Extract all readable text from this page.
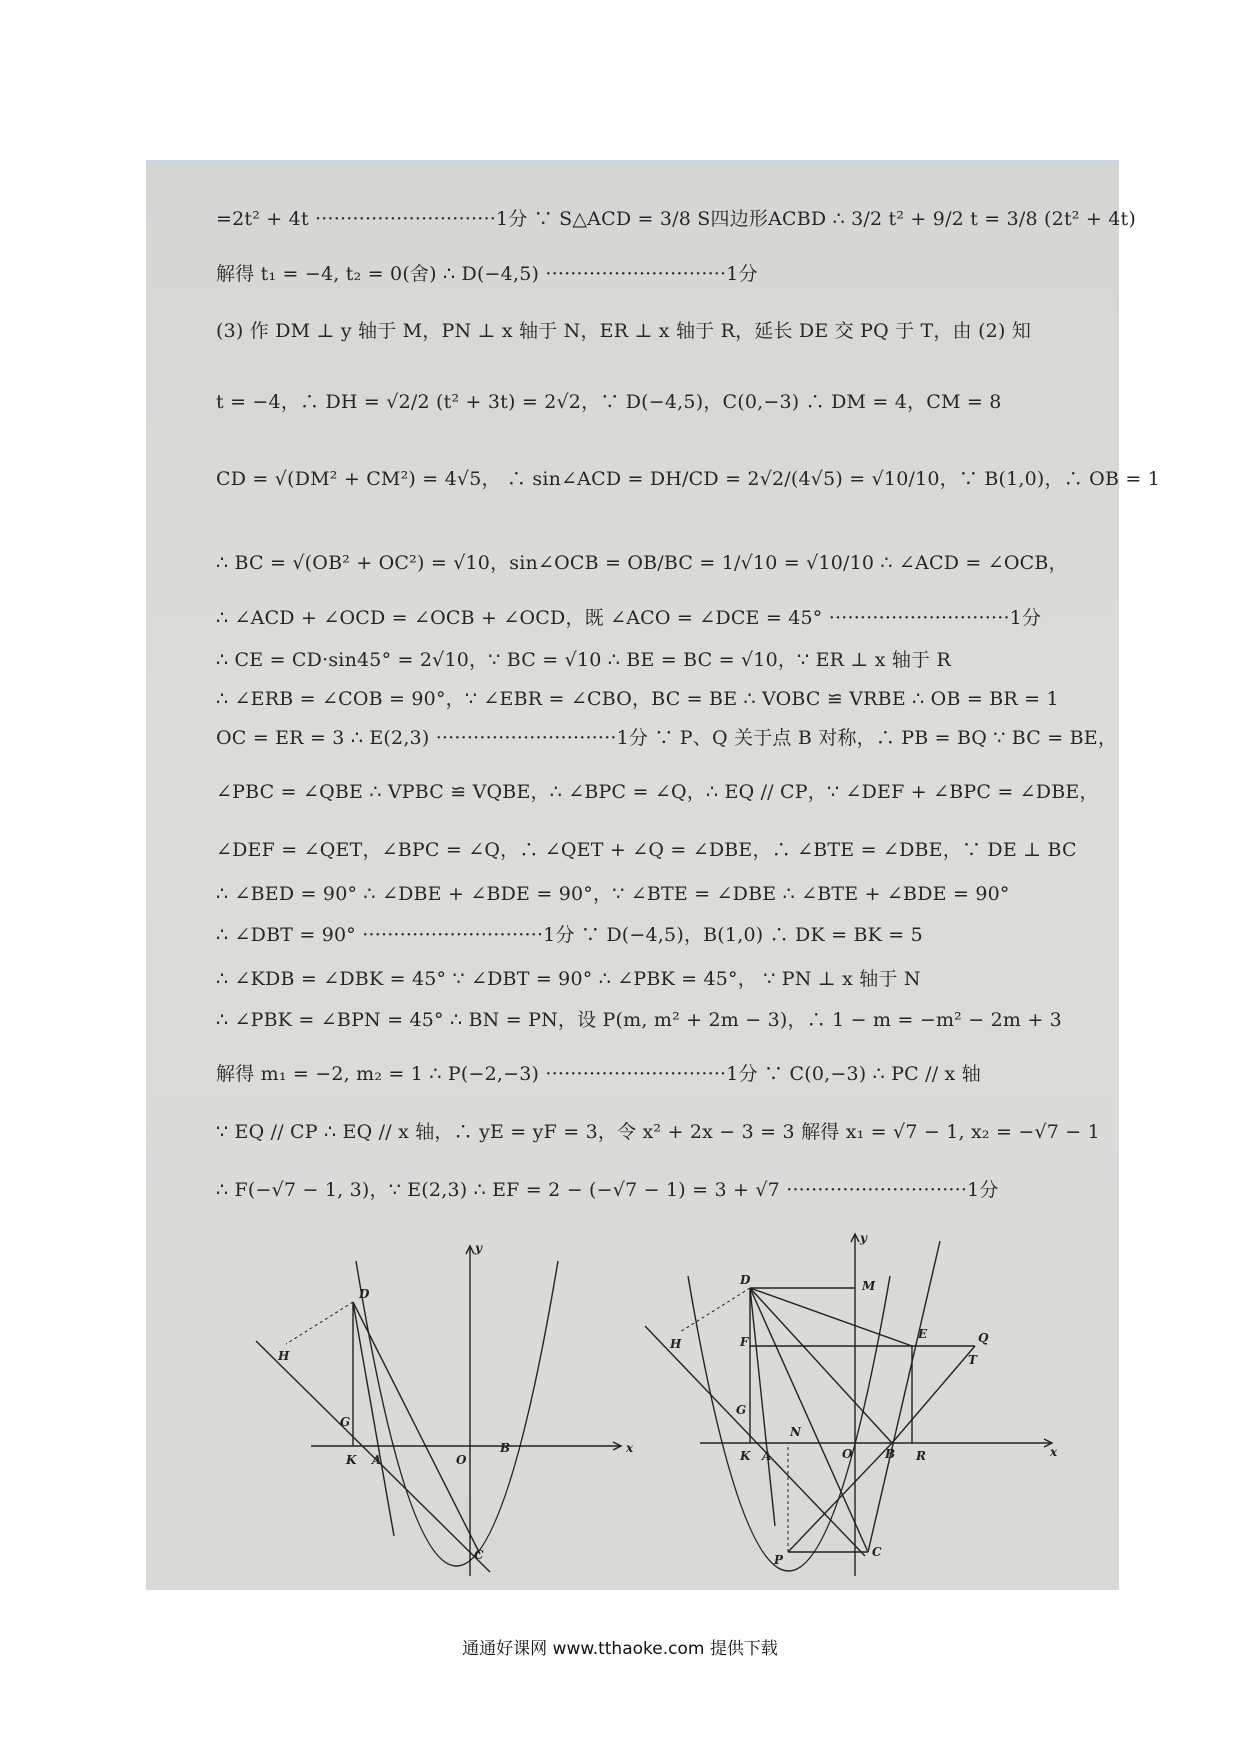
=2t² + 4t ·····························1分 ∵ S△ACD = 3/8 S四边形ACBD ∴ 3/2 t² + 9/2 t = 3/8 (2t² + 4t)
解得 t₁ = −4, t₂ = 0(舍) ∴ D(−4,5) ·····························1分
(3) 作 DM ⊥ y 轴于 M，PN ⊥ x 轴于 N，ER ⊥ x 轴于 R，延长 DE 交 PQ 于 T，由 (2) 知
t = −4，∴ DH = √2/2 (t² + 3t) = 2√2，∵ D(−4,5)，C(0,−3) ∴ DM = 4，CM = 8
CD = √(DM² + CM²) = 4√5， ∴ sin∠ACD = DH/CD = 2√2/(4√5) = √10/10，∵ B(1,0)，∴ OB = 1
∴ BC = √(OB² + OC²) = √10，sin∠OCB = OB/BC = 1/√10 = √10/10 ∴ ∠ACD = ∠OCB，
∴ ∠ACD + ∠OCD = ∠OCB + ∠OCD，既 ∠ACO = ∠DCE = 45° ·····························1分
∴ CE = CD·sin45° = 2√10，∵ BC = √10 ∴ BE = BC = √10，∵ ER ⊥ x 轴于 R
∴ ∠ERB = ∠COB = 90°，∵ ∠EBR = ∠CBO，BC = BE ∴ VOBC ≌ VRBE ∴ OB = BR = 1
OC = ER = 3 ∴ E(2,3) ·····························1分 ∵ P、Q 关于点 B 对称，∴ PB = BQ ∵ BC = BE，
∠PBC = ∠QBE ∴ VPBC ≌ VQBE，∴ ∠BPC = ∠Q，∴ EQ // CP，∵ ∠DEF + ∠BPC = ∠DBE，
∠DEF = ∠QET，∠BPC = ∠Q，∴ ∠QET + ∠Q = ∠DBE，∴ ∠BTE = ∠DBE，∵ DE ⊥ BC
∴ ∠BED = 90° ∴ ∠DBE + ∠BDE = 90°，∵ ∠BTE = ∠DBE ∴ ∠BTE + ∠BDE = 90°
∴ ∠DBT = 90° ·····························1分 ∵ D(−4,5)，B(1,0) ∴ DK = BK = 5
∴ ∠KDB = ∠DBK = 45° ∵ ∠DBT = 90° ∴ ∠PBK = 45°， ∵ PN ⊥ x 轴于 N
∴ ∠PBK = ∠BPN = 45° ∴ BN = PN，设 P(m, m² + 2m − 3)，∴ 1 − m = −m² − 2m + 3
解得 m₁ = −2, m₂ = 1 ∴ P(−2,−3) ·····························1分 ∵ C(0,−3) ∴ PC // x 轴
∵ EQ // CP ∴ EQ // x 轴，∴ yE = yF = 3，令 x² + 2x − 3 = 3 解得 x₁ = √7 − 1, x₂ = −√7 − 1
∴ F(−√7 − 1, 3)，∵ E(2,3) ∴ EF = 2 − (−√7 − 1) = 3 + √7 ·····························1分
y
x
D
H
G
K A	O
B
C
y
x
D	M
H	F
E	Q
T
G
N
K A	O	B R
P
C
通通好课网 www.tthaoke.com 提供下载
